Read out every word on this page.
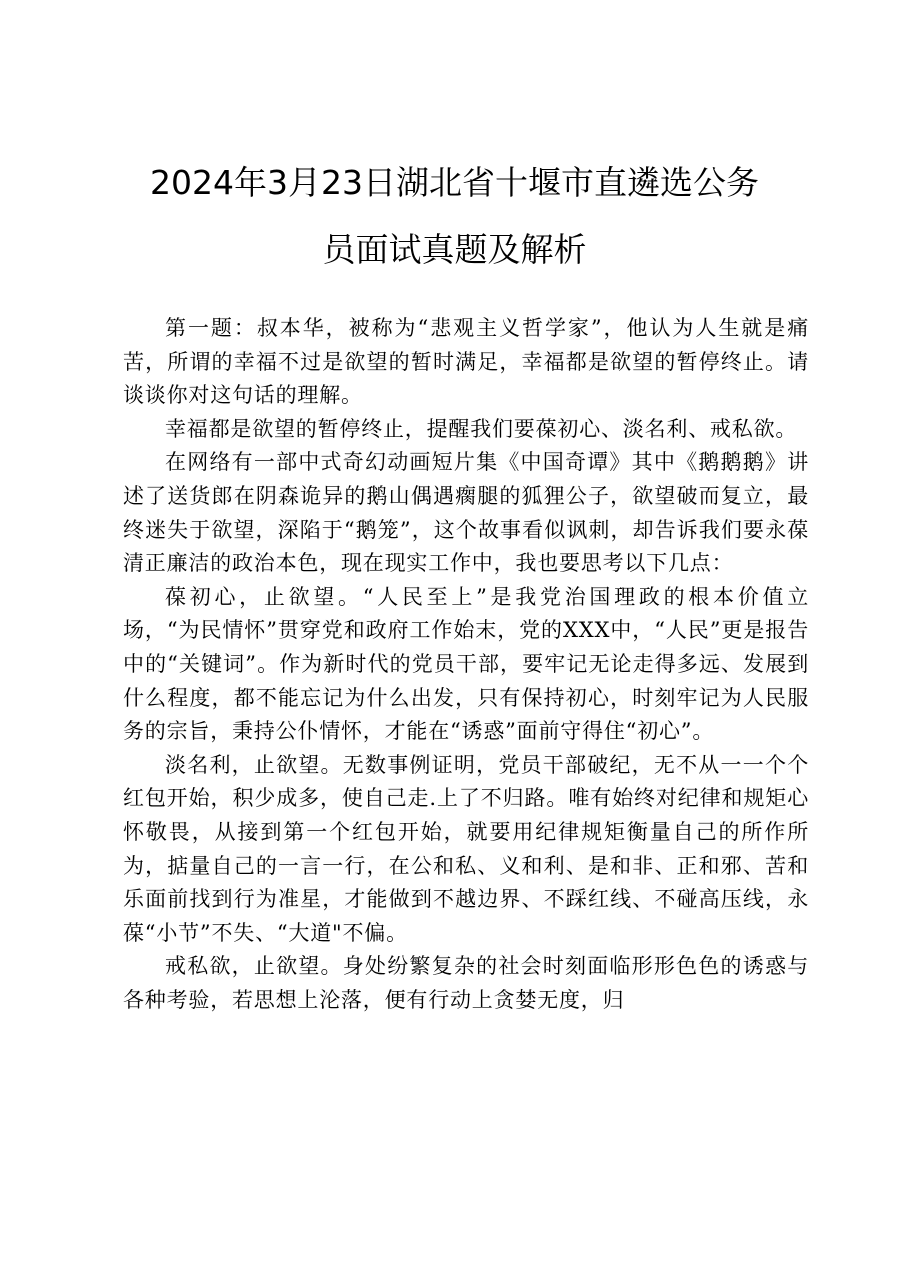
2024年3月23日湖北省十堰市直遴选公务
员面试真题及解析

第一题：叔本华，被称为“悲观主义哲学家”，他认为人生就是痛苦，所谓的幸福不过是欲望的暂时满足，幸福都是欲望的暂停终止。请谈谈你对这句话的理解。

幸福都是欲望的暂停终止，提醒我们要葆初心、淡名利、戒私欲。

在网络有一部中式奇幻动画短片集《中国奇谭》其中《鹅鹅鹅》讲述了送货郎在阴森诡异的鹅山偶遇瘸腿的狐狸公子，欲望破而复立，最终迷失于欲望，深陷于“鹅笼”，这个故事看似讽刺，却告诉我们要永葆清正廉洁的政治本色，现在现实工作中，我也要思考以下几点：

葆初心，止欲望。“人民至上”是我党治国理政的根本价值立场，“为民情怀”贯穿党和政府工作始末，党的XXX中，“人民”更是报告中的“关键词”。作为新时代的党员干部，要牢记无论走得多远、发展到什么程度，都不能忘记为什么出发，只有保持初心，时刻牢记为人民服务的宗旨，秉持公仆情怀，才能在“诱惑”面前守得住“初心”。

淡名利，止欲望。无数事例证明，党员干部破纪，无不从一一个个红包开始，积少成多，使自己走.上了不归路。唯有始终对纪律和规矩心怀敬畏，从接到第一个红包开始，就要用纪律规矩衡量自己的所作所为，掂量自己的一言一行，在公和私、义和利、是和非、正和邪、苦和乐面前找到行为准星，才能做到不越边界、不踩红线、不碰高压线，永葆“小节”不失、“大道"不偏。

戒私欲，止欲望。身处纷繁复杂的社会时刻面临形形色色的诱惑与各种考验，若思想上沦落，便有行动上贪婪无度，归
